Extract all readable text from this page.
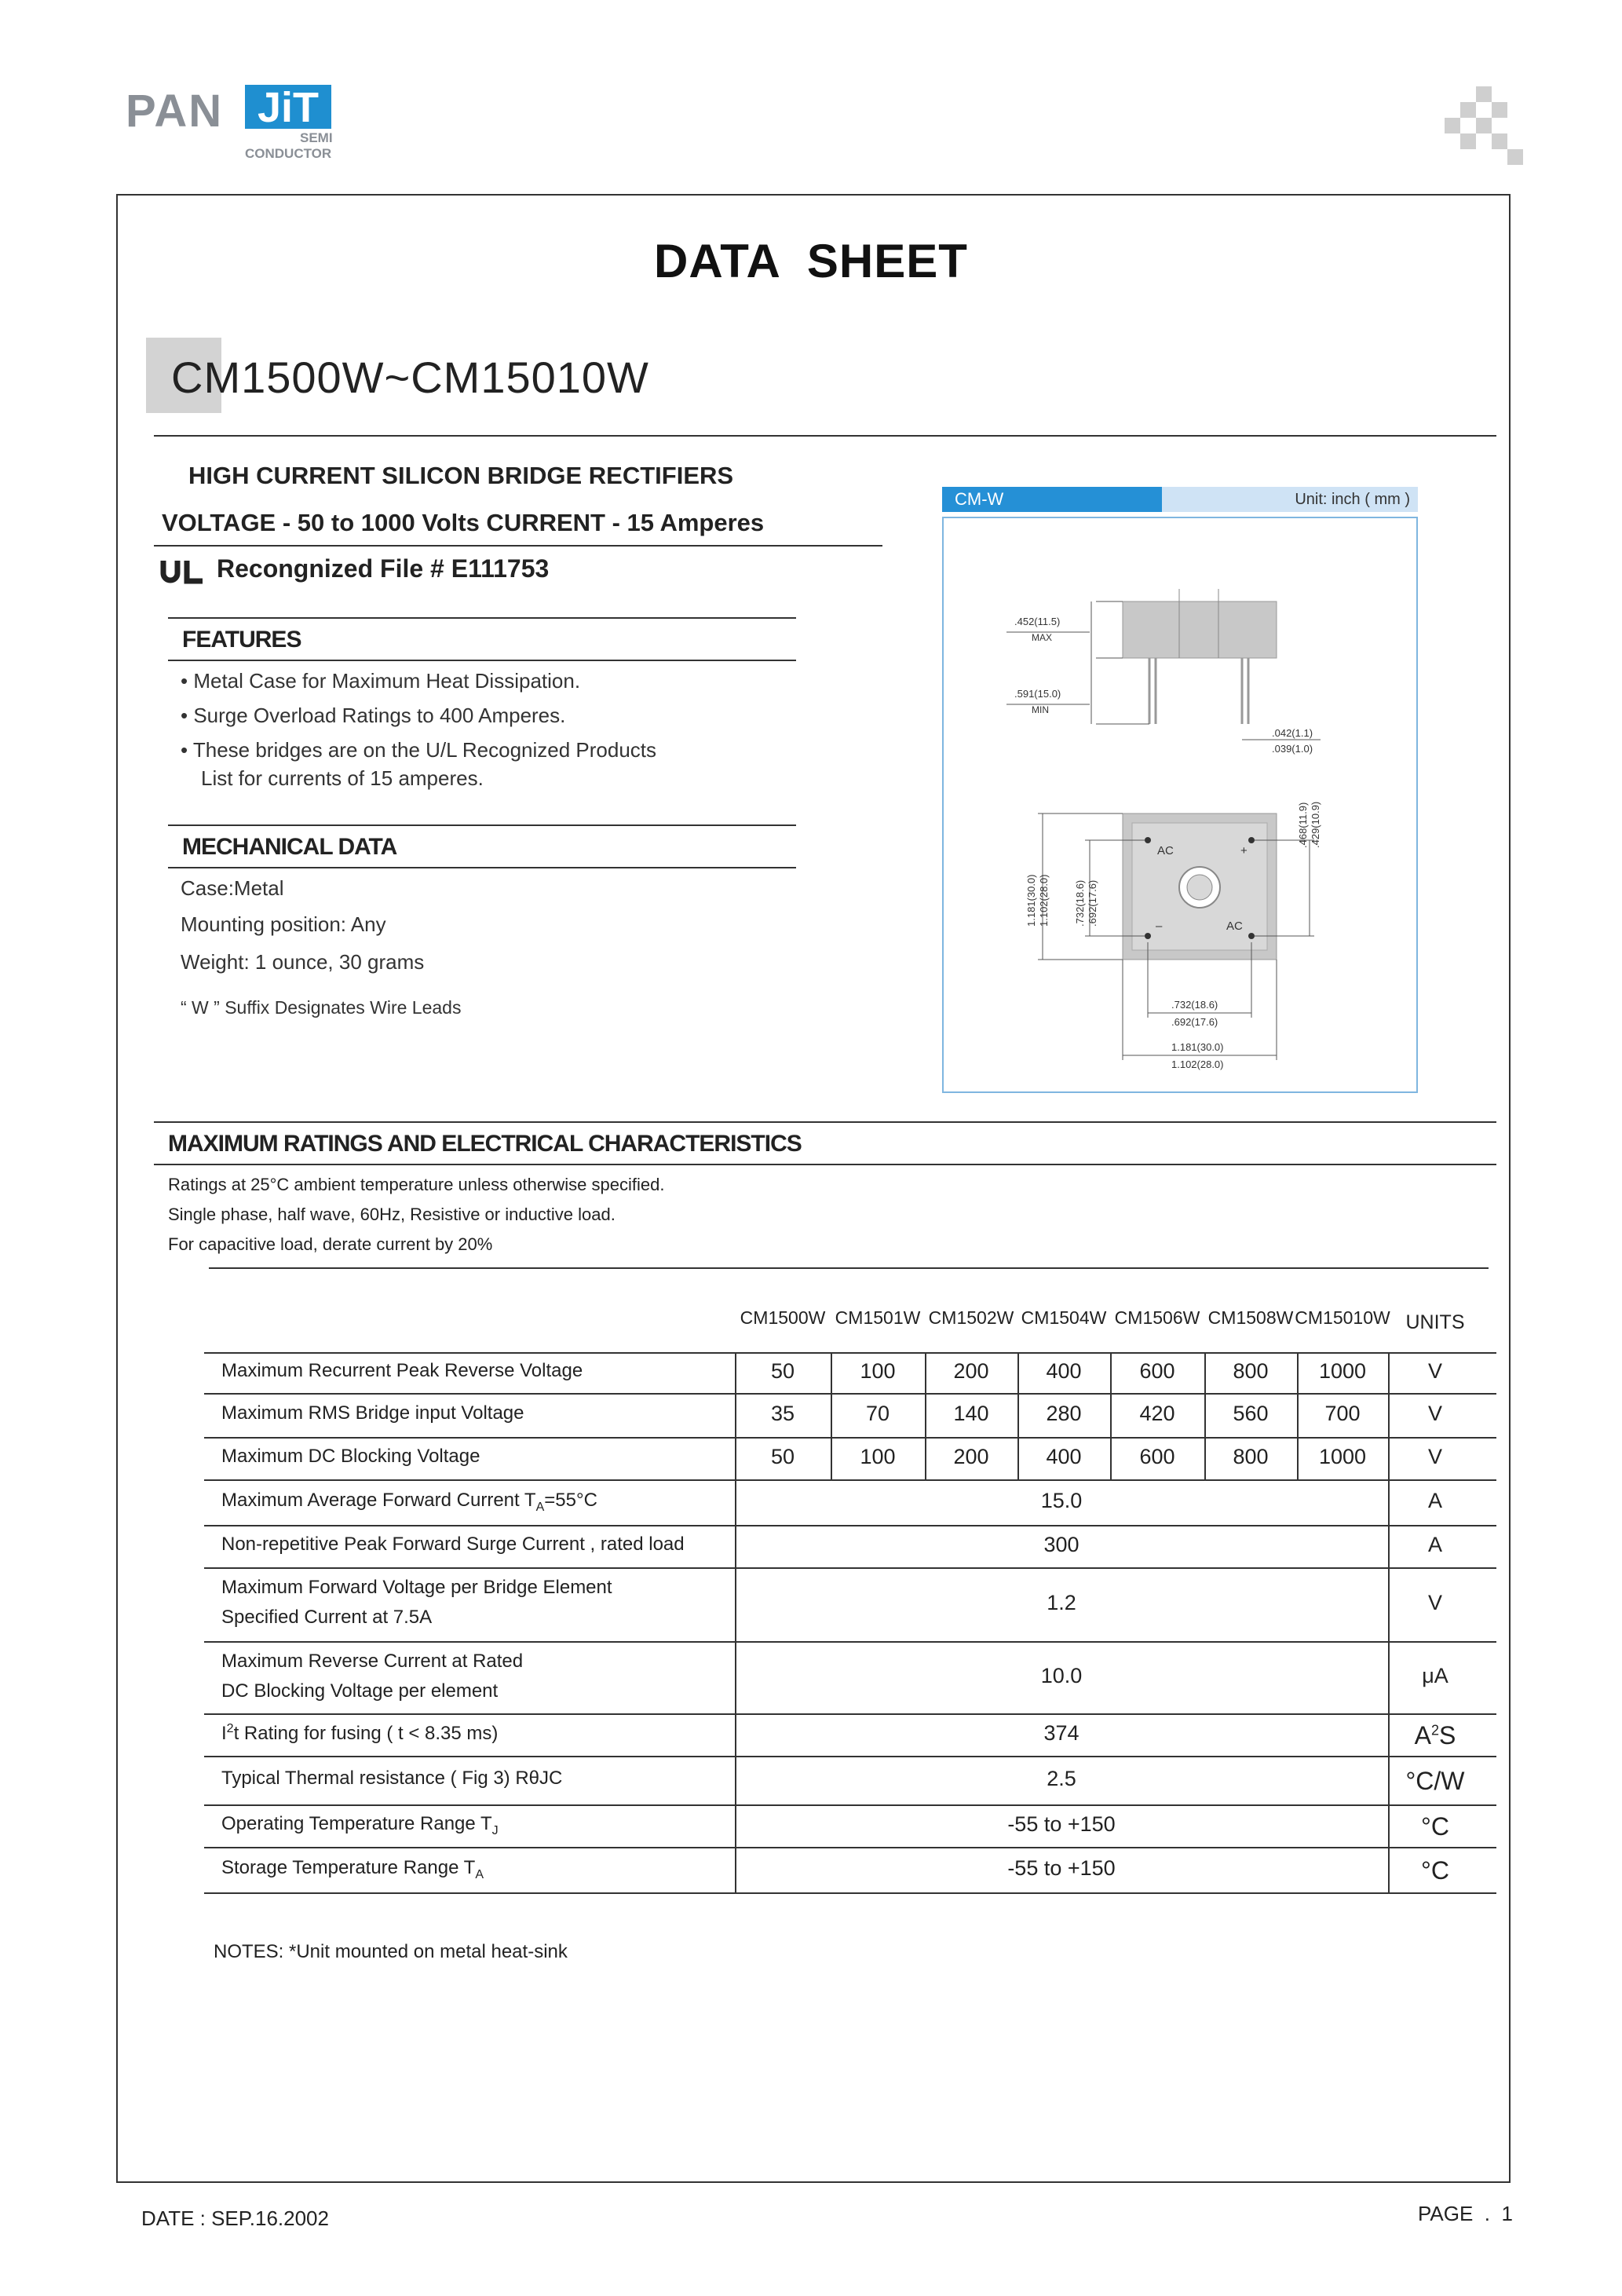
PAN JiT
SEMI
CONDUCTOR
DATA  SHEET
CM1500W~CM15010W
HIGH CURRENT SILICON BRIDGE RECTIFIERS
VOLTAGE - 50 to 1000 Volts CURRENT - 15 Amperes
Recongnized File # E111753
FEATURES
• Metal Case for Maximum Heat Dissipation.
• Surge Overload Ratings to 400 Amperes.
• These bridges are on the U/L Recognized Products
List for currents of 15 amperes.
MECHANICAL DATA
Case:Metal
Mounting position: Any
Weight: 1 ounce, 30 grams
“ W ” Suffix Designates Wire Leads
CM-W	Unit: inch ( mm )
.452(11.5)
MAX
.591(15.0)
MIN
.042(1.1)
.039(1.0)
AC	+
–	AC
1.181(30.0) 1.102(28.0) .732(18.6) .692(17.6)
.468(11.9) .429(10.9)
.732(18.6)
.692(17.6)
1.181(30.0)
1.102(28.0)
MAXIMUM RATINGS AND ELECTRICAL CHARACTERISTICS
Ratings at 25°C ambient temperature unless otherwise specified.
Single phase, half wave, 60Hz, Resistive or inductive load.
For capacitive load, derate current by 20%
CM1500W CM1501W CM1502W CM1504W CM1506W CM1508W CM15010W UNITS
Maximum Recurrent Peak Reverse Voltage	50	100	200	400	600	800	1000	V
Maximum RMS Bridge input Voltage	35	70	140	280	420	560	700	V
Maximum DC Blocking Voltage	50	100	200	400	600	800	1000	V
Maximum Average Forward Current $T_A=55^\circ C$	15.0	A
Non-repetitive Peak Forward Surge Current , rated load	300	A
Maximum Forward Voltage per Bridge Element
Specified Current at 7.5A
1.2	V
Maximum Reverse Current at Rated
DC Blocking Voltage per element
10.0	μA
$I^2t$ Rating for fusing ( t < 8.35 ms)	374	$A^2S$
Typical Thermal resistance ( Fig 3) RθJC	2.5	°C/W
Operating Temperature Range $T_J$	-55 to +150	°C
Storage Temperature Range $T_A$	-55 to +150	°C
NOTES: *Unit mounted on metal heat-sink
DATE : SEP.16.2002	PAGE  .  1
